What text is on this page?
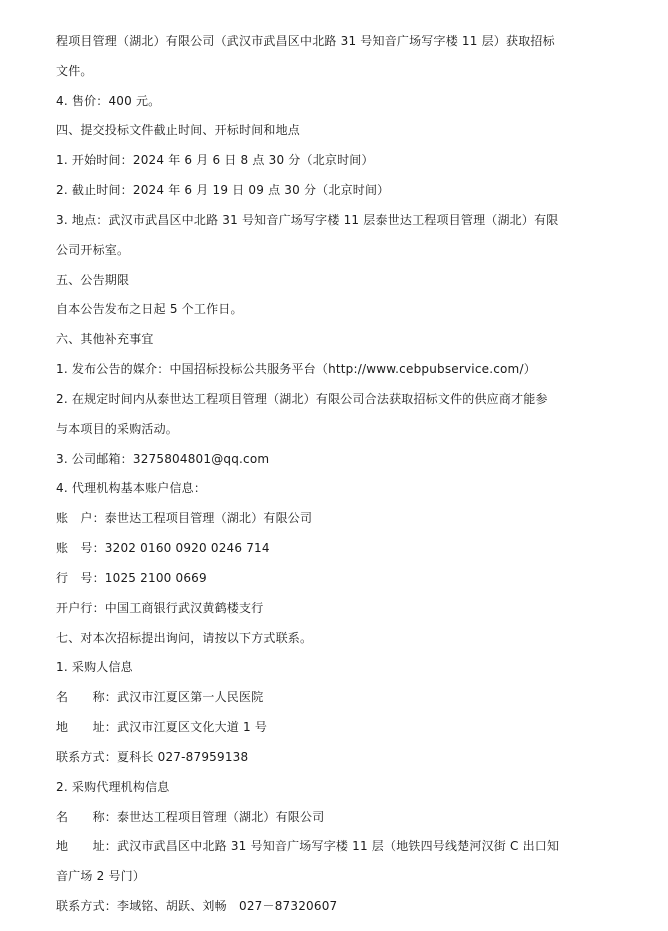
程项目管理（湖北）有限公司（武汉市武昌区中北路 31 号知音广场写字楼 11 层）获取招标
文件。
4. 售价：400 元。
四、提交投标文件截止时间、开标时间和地点
1. 开始时间：2024 年 6 月 6 日 8 点 30 分（北京时间）
2. 截止时间：2024 年 6 月 19 日 09 点 30 分（北京时间）
3. 地点：武汉市武昌区中北路 31 号知音广场写字楼 11 层泰世达工程项目管理（湖北）有限
公司开标室。
五、公告期限
自本公告发布之日起 5 个工作日。
六、其他补充事宜
1. 发布公告的媒介：中国招标投标公共服务平台（http://www.cebpubservice.com/）
2. 在规定时间内从泰世达工程项目管理（湖北）有限公司合法获取招标文件的供应商才能参
与本项目的采购活动。
3. 公司邮箱：3275804801@qq.com
4. 代理机构基本账户信息：
账　户：泰世达工程项目管理（湖北）有限公司
账　号：3202 0160 0920 0246 714
行　号：1025 2100 0669
开户行：中国工商银行武汉黄鹤楼支行
七、对本次招标提出询问，请按以下方式联系。
1. 采购人信息
名　　称：武汉市江夏区第一人民医院
地　　址：武汉市江夏区文化大道 1 号
联系方式：夏科长 027-87959138
2. 采购代理机构信息
名　　称：泰世达工程项目管理（湖北）有限公司
地　　址：武汉市武昌区中北路 31 号知音广场写字楼 11 层（地铁四号线楚河汉街 C 出口知
音广场 2 号门）
联系方式：李域铭、胡跃、刘畅　027－87320607
